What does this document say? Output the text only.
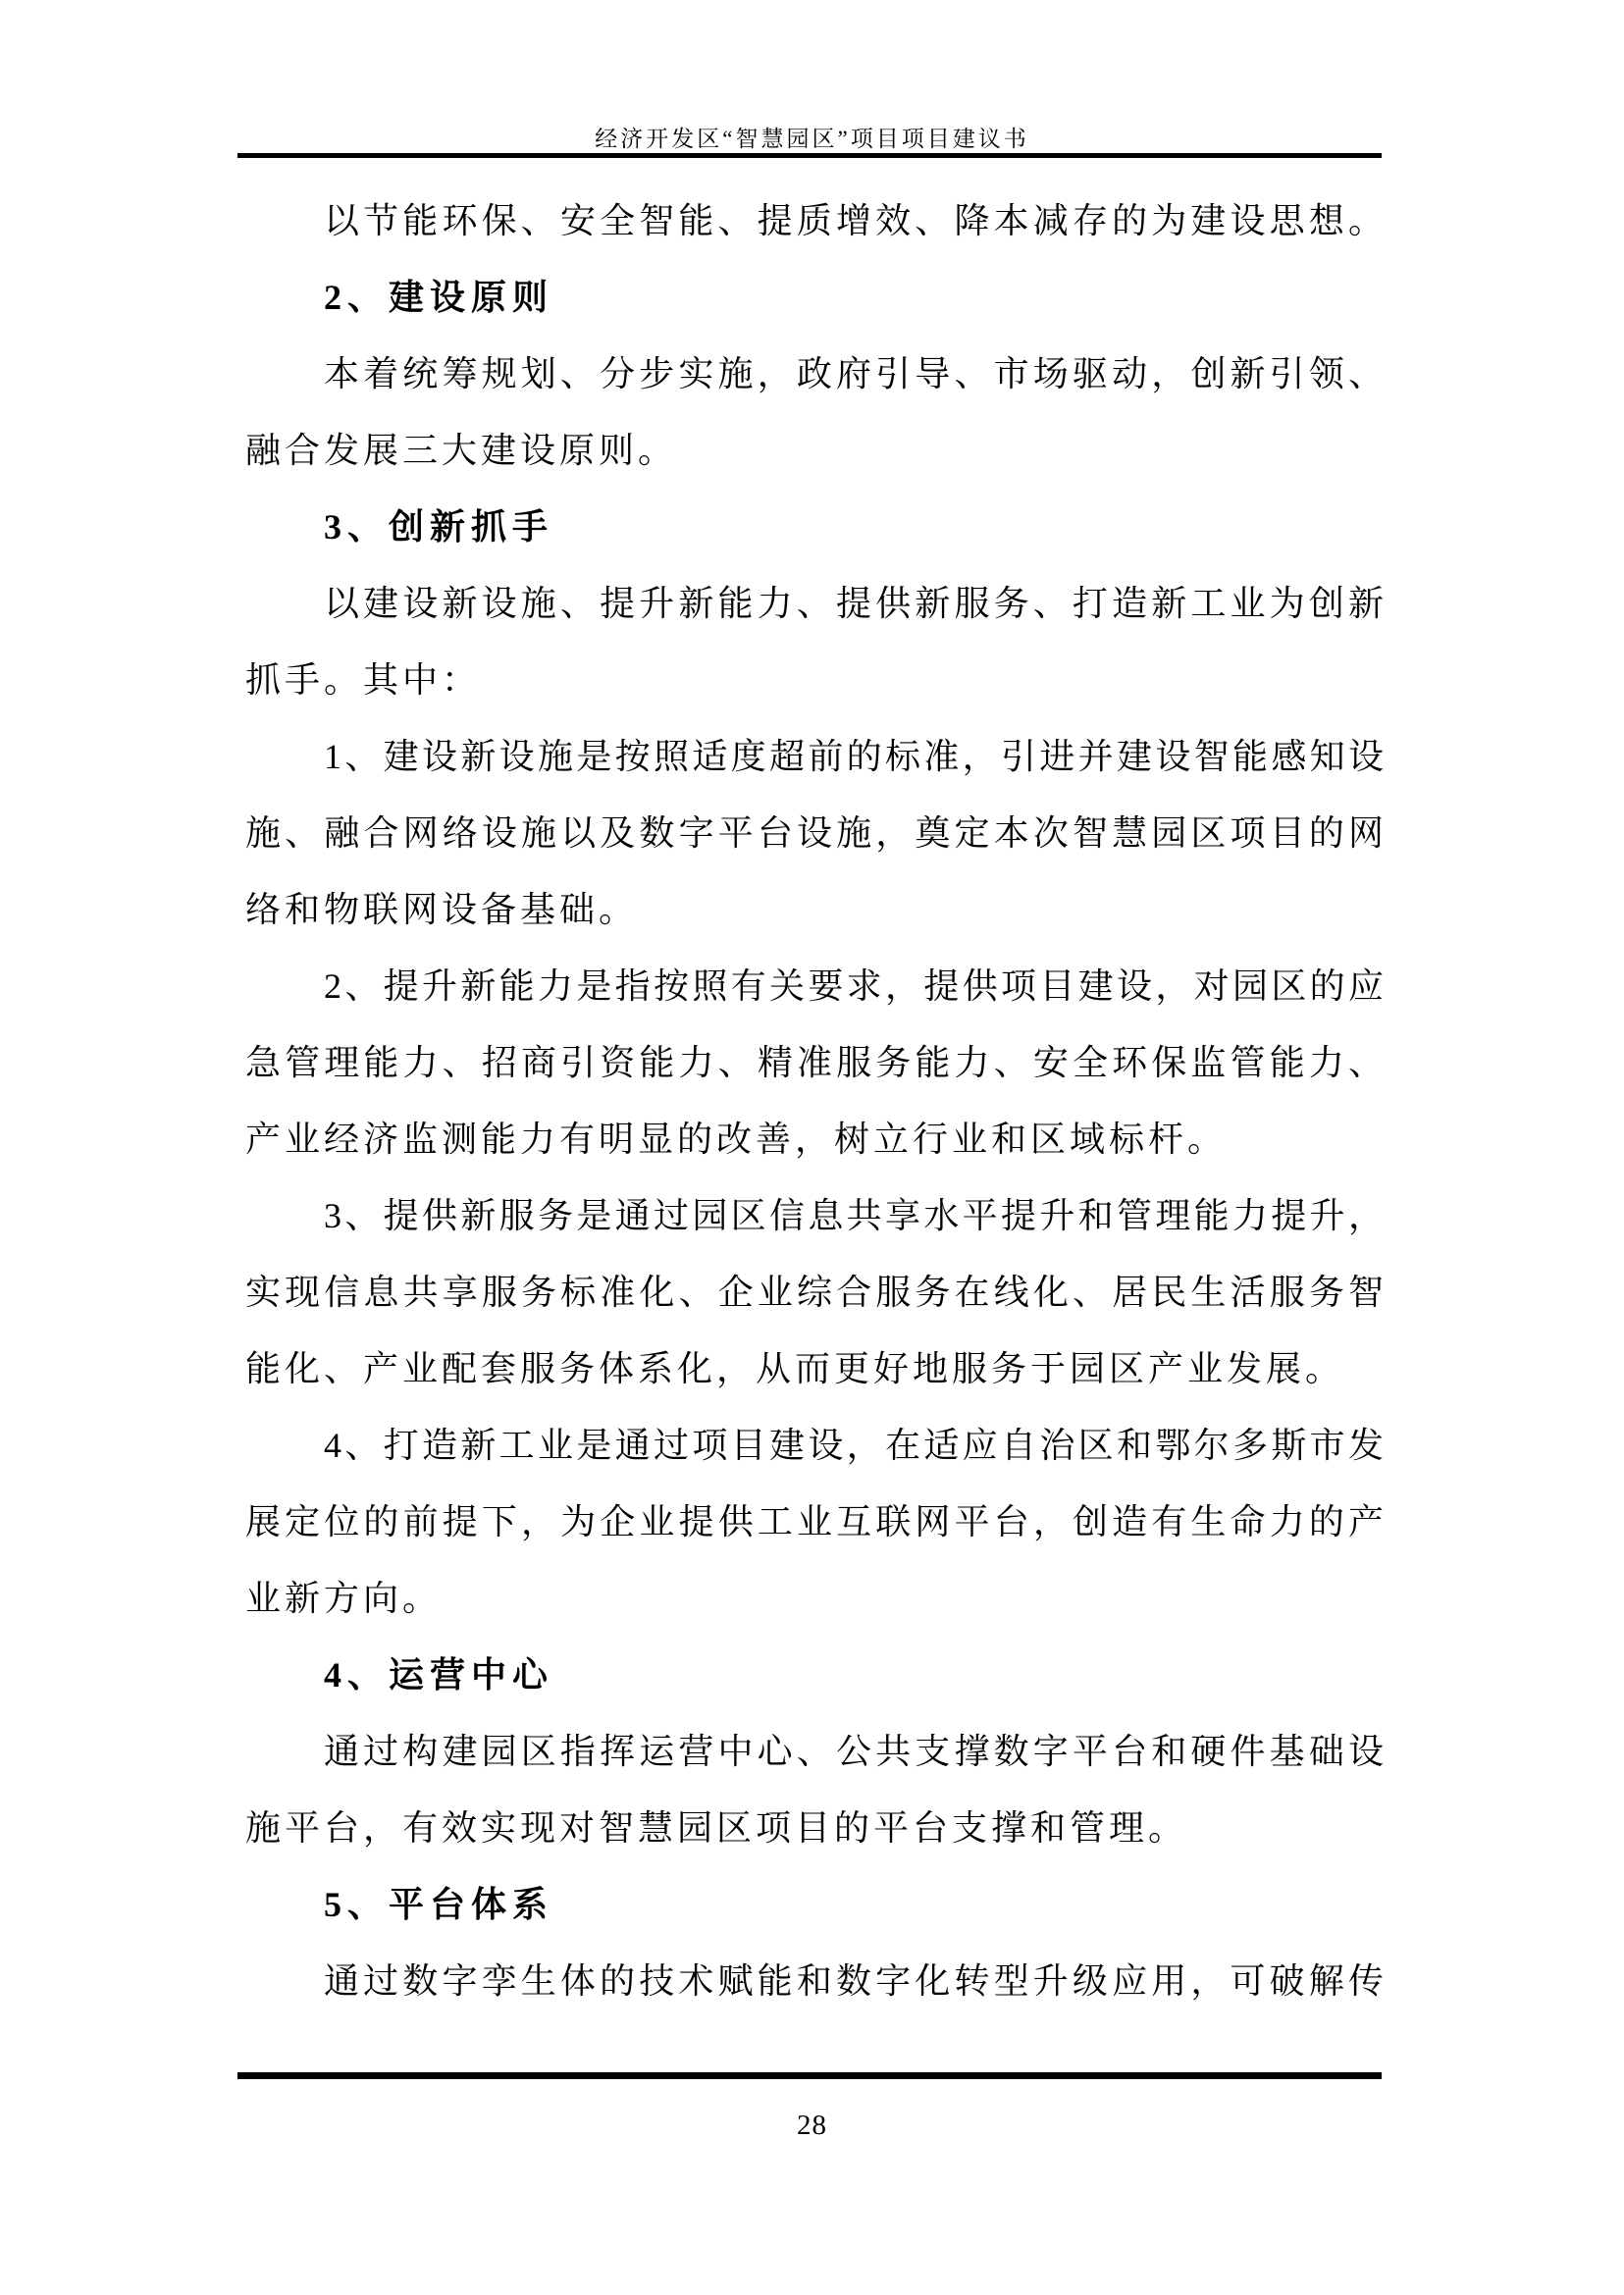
经济开发区“智慧园区”项目项目建议书
以节能环保、安全智能、提质增效、降本减存的为建设思想。
2、建设原则
本着统筹规划、分步实施，政府引导、市场驱动，创新引领、
融合发展三大建设原则。
3、创新抓手
以建设新设施、提升新能力、提供新服务、打造新工业为创新
抓手。其中：
1、建设新设施是按照适度超前的标准，引进并建设智能感知设
施、融合网络设施以及数字平台设施，奠定本次智慧园区项目的网
络和物联网设备基础。
2、提升新能力是指按照有关要求，提供项目建设，对园区的应
急管理能力、招商引资能力、精准服务能力、安全环保监管能力、
产业经济监测能力有明显的改善，树立行业和区域标杆。
3、提供新服务是通过园区信息共享水平提升和管理能力提升，
实现信息共享服务标准化、企业综合服务在线化、居民生活服务智
能化、产业配套服务体系化，从而更好地服务于园区产业发展。
4、打造新工业是通过项目建设，在适应自治区和鄂尔多斯市发
展定位的前提下，为企业提供工业互联网平台，创造有生命力的产
业新方向。
4、运营中心
通过构建园区指挥运营中心、公共支撑数字平台和硬件基础设
施平台，有效实现对智慧园区项目的平台支撑和管理。
5、平台体系
通过数字孪生体的技术赋能和数字化转型升级应用，可破解传
28
